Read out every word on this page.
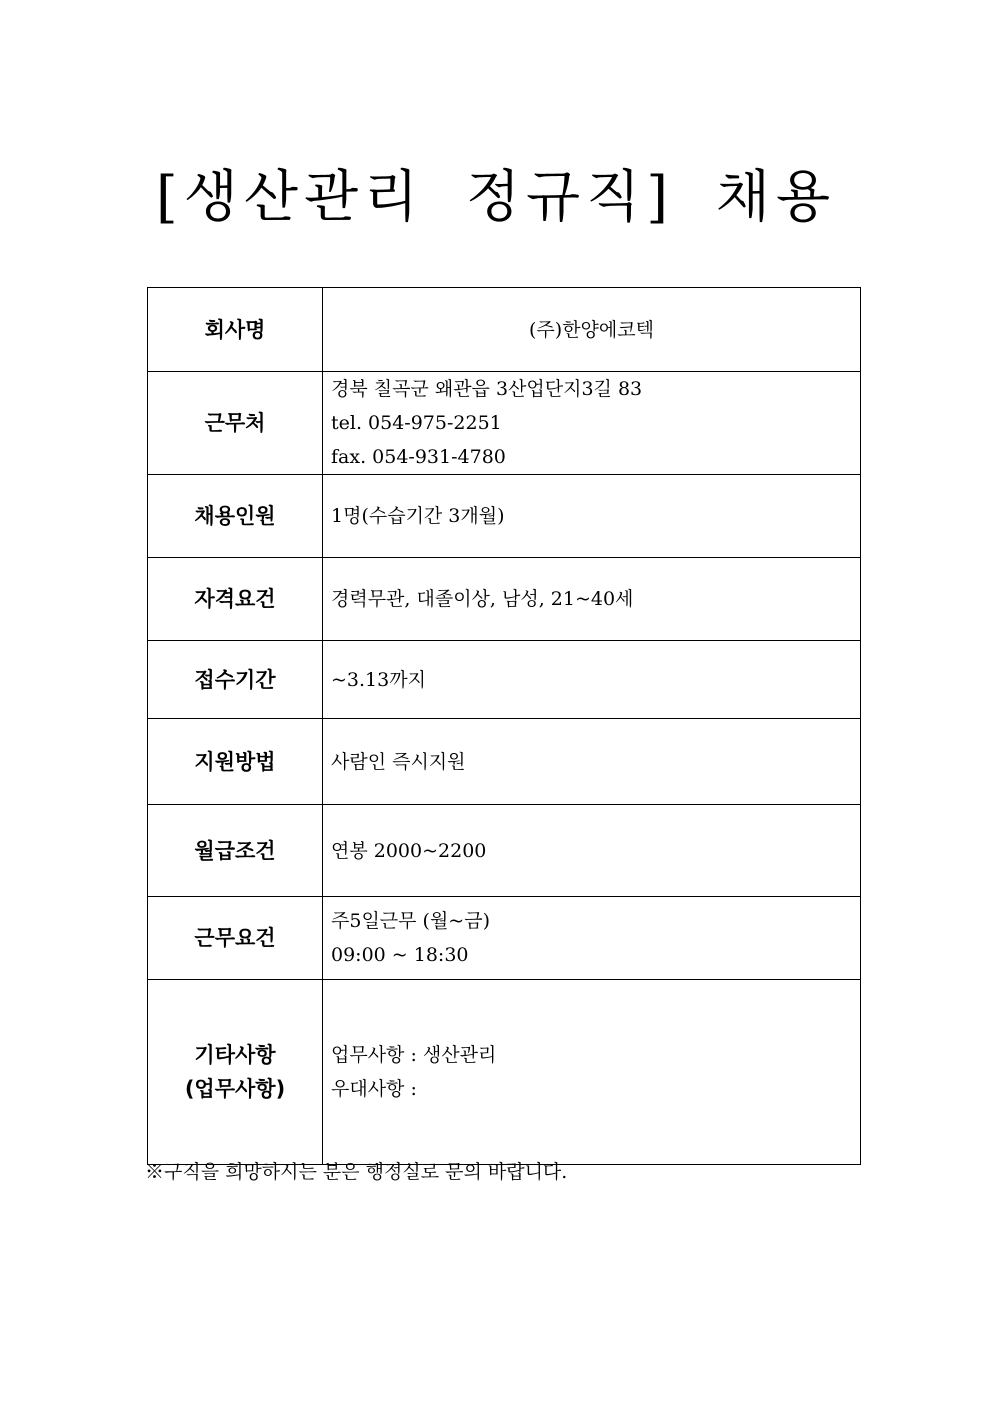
[생산관리 정규직] 채용
회사명	(주)한양에코텍

근무처	경북 칠곡군 왜관읍 3산업단지3길 83
tel. 054-975-2251
fax. 054-931-4780

채용인원	1명(수습기간 3개월)

자격요건	경력무관, 대졸이상, 남성, 21~40세

접수기간	~3.13까지

지원방법	사람인 즉시지원

월급조건	연봉 2000~2200

근무요건	주5일근무 (월~금)
09:00 ~ 18:30

기타사항
(업무사항)	업무사항 : 생산관리
우대사항 :
※구직을 희망하시는 분은 행정실로 문의 바랍니다.
